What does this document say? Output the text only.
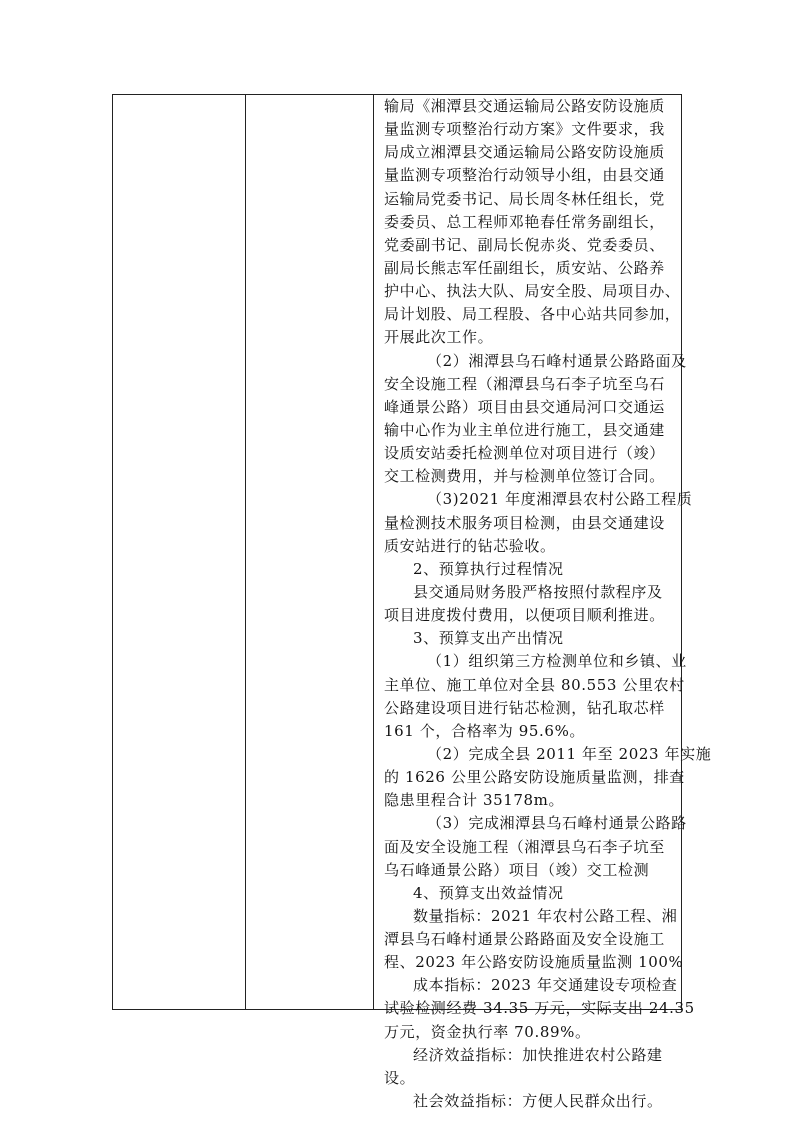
输局《湘潭县交通运输局公路安防设施质
量监测专项整治行动方案》文件要求，我
局成立湘潭县交通运输局公路安防设施质
量监测专项整治行动领导小组，由县交通
运输局党委书记、局长周冬林任组长，党
委委员、总工程师邓艳春任常务副组长，
党委副书记、副局长倪赤炎、党委委员、
副局长熊志军任副组长，质安站、公路养
护中心、执法大队、局安全股、局项目办、
局计划股、局工程股、各中心站共同参加，
开展此次工作。
（2）湘潭县乌石峰村通景公路路面及
安全设施工程（湘潭县乌石李子坑至乌石
峰通景公路）项目由县交通局河口交通运
输中心作为业主单位进行施工，县交通建
设质安站委托检测单位对项目进行（竣）
交工检测费用，并与检测单位签订合同。
（3)2021 年度湘潭县农村公路工程质
量检测技术服务项目检测，由县交通建设
质安站进行的钻芯验收。
2、预算执行过程情况
县交通局财务股严格按照付款程序及
项目进度拨付费用，以便项目顺利推进。
3、预算支出产出情况
（1）组织第三方检测单位和乡镇、业
主单位、施工单位对全县 80.553 公里农村
公路建设项目进行钻芯检测，钻孔取芯样
161 个，合格率为 95.6%。
（2）完成全县 2011 年至 2023 年实施
的 1626 公里公路安防设施质量监测，排查
隐患里程合计 35178m。
（3）完成湘潭县乌石峰村通景公路路
面及安全设施工程（湘潭县乌石李子坑至
乌石峰通景公路）项目（竣）交工检测
4、预算支出效益情况
数量指标：2021 年农村公路工程、湘
潭县乌石峰村通景公路路面及安全设施工
程、2023 年公路安防设施质量监测 100%
成本指标：2023 年交通建设专项检查
试验检测经费 34.35 万元，实际支出 24.35
万元，资金执行率 70.89%。
经济效益指标：加快推进农村公路建
设。
社会效益指标：方便人民群众出行。
